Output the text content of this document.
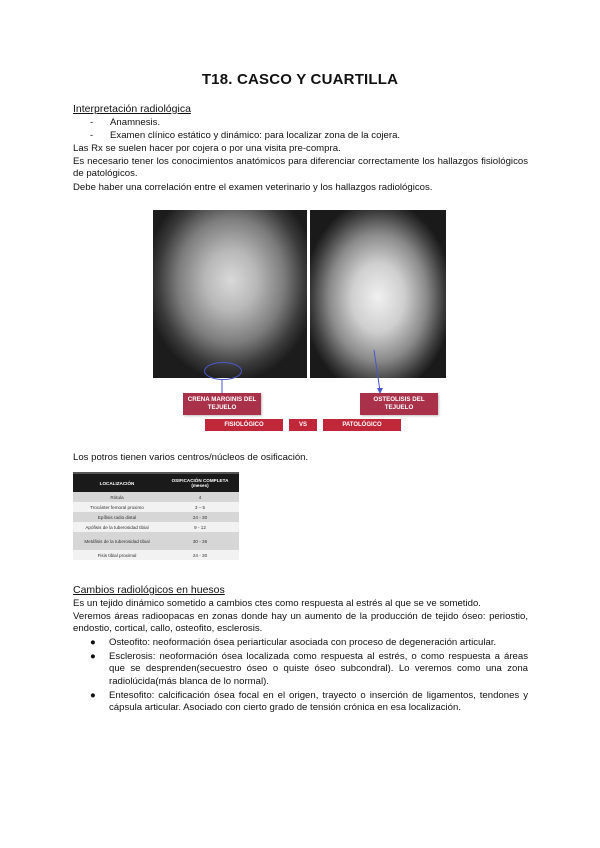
T18. CASCO Y CUARTILLA
Interpretación radiológica
- Anamnesis.
- Examen clínico estático y dinámico: para localizar zona de la cojera.
Las Rx se suelen hacer por cojera o por una visita pre-compra.
Es necesario tener los conocimientos anatómicos para diferenciar correctamente los hallazgos fisiológicos de patológicos.
Debe haber una correlación entre el examen veterinario y los hallazgos radiológicos.
CRENA MARGINIS DEL TEJUELO
OSTEOLISIS DEL TEJUELO
FISIOLÓGICO	VS	PATOLÓGICO
Los potros tienen varios centros/núcleos de osificación.
LOCALIZACIÓN	OSIFICACIÓN COMPLETA (meses)
Rótula	4
Trocánter femoral proximo	3 – 5
Epífisis radio distal	24 - 30
Apófisis de la tuberosidad tibial	9 - 12
Metáfisis de la tuberosidad tibial	30 - 36
Fisis tibial proximal	24 - 30
Cambios radiológicos en huesos
Es un tejido dinámico sometido a cambios ctes como respuesta al estrés al que se ve sometido.
Veremos áreas radioopacas en zonas donde hay un aumento de la producción de tejido óseo: periostio, endostio, cortical, callo, osteofito, esclerosis.
● Osteofito: neoformación ósea periarticular asociada con proceso de degeneración articular.
● Esclerosis: neoformación ósea localizada como respuesta al estrés, o como respuesta a áreas que se desprenden(secuestro óseo o quiste óseo subcondral). Lo veremos como una zona radiolúcida(más blanca de lo normal).
● Entesofito: calcificación ósea focal en el origen, trayecto o inserción de ligamentos, tendones y cápsula articular. Asociado con cierto grado de tensión crónica en esa localización.
